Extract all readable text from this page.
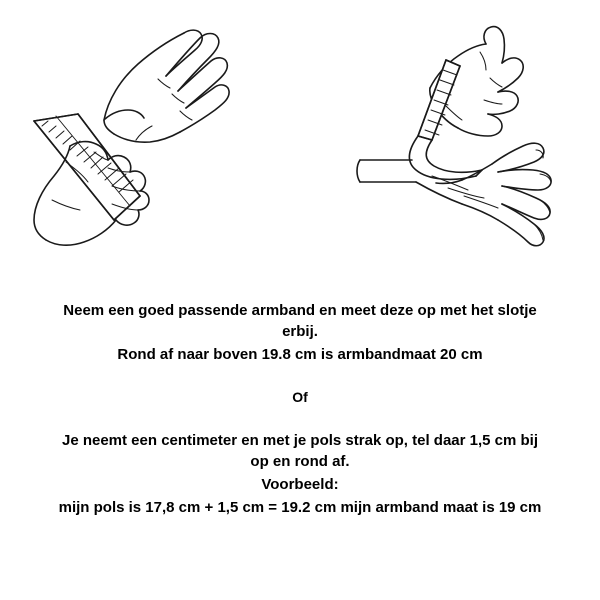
Neem een goed passende armband en meet deze op met het slotje
erbij.
Rond af naar boven 19.8 cm is armbandmaat 20 cm
Of
Je neemt een centimeter en met je pols strak op, tel daar 1,5 cm bij
op en rond af.
Voorbeeld:
mijn pols is 17,8 cm + 1,5 cm = 19.2 cm mijn armband maat is 19 cm
